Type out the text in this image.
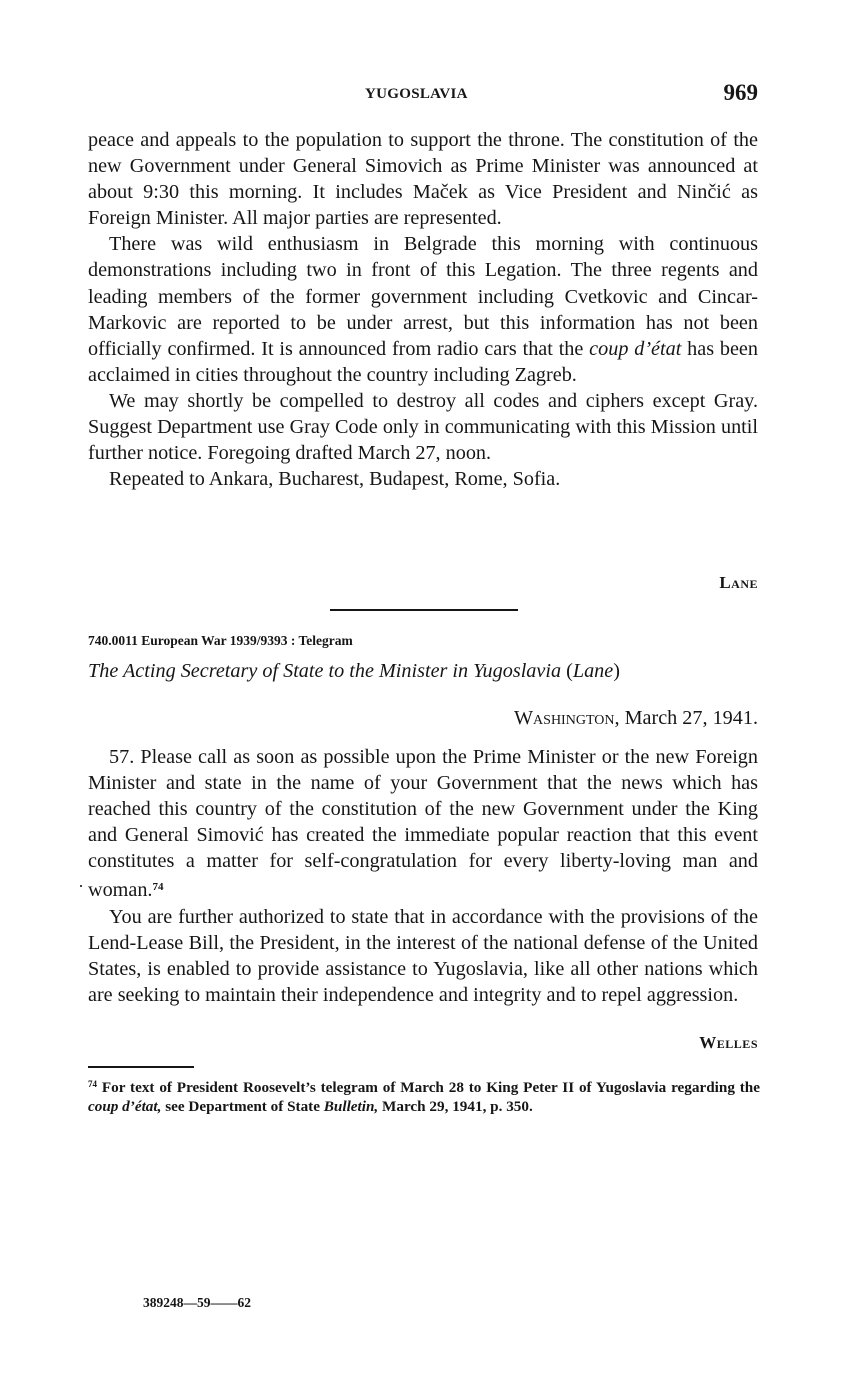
YUGOSLAVIA	969

peace and appeals to the population to support the throne. The constitution of the new Government under General Simovich as Prime Minister was announced at about 9:30 this morning. It includes Maček as Vice President and Ninčić as Foreign Minister. All major parties are represented.

There was wild enthusiasm in Belgrade this morning with continuous demonstrations including two in front of this Legation. The three regents and leading members of the former government including Cvetkovic and Cincar-Markovic are reported to be under arrest, but this information has not been officially confirmed. It is announced from radio cars that the coup d’état has been acclaimed in cities throughout the country including Zagreb.

We may shortly be compelled to destroy all codes and ciphers except Gray. Suggest Department use Gray Code only in communicating with this Mission until further notice. Foregoing drafted March 27, noon.

Repeated to Ankara, Bucharest, Budapest, Rome, Sofia.

Lane
740.0011 European War 1939/9393 : Telegram
The Acting Secretary of State to the Minister in Yugoslavia (Lane)
Washington, March 27, 1941.

57. Please call as soon as possible upon the Prime Minister or the new Foreign Minister and state in the name of your Government that the news which has reached this country of the constitution of the new Government under the King and General Simović has created the immediate popular reaction that this event constitutes a matter for self-congratulation for every liberty-loving man and woman.$^{74}$

You are further authorized to state that in accordance with the provisions of the Lend-Lease Bill, the President, in the interest of the national defense of the United States, is enabled to provide assistance to Yugoslavia, like all other nations which are seeking to maintain their independence and integrity and to repel aggression.

Welles
$^{74}$ For text of President Roosevelt’s telegram of March 28 to King Peter II of Yugoslavia regarding the coup d’état, see Department of State Bulletin, March 29, 1941, p. 350.
389248—59——62
